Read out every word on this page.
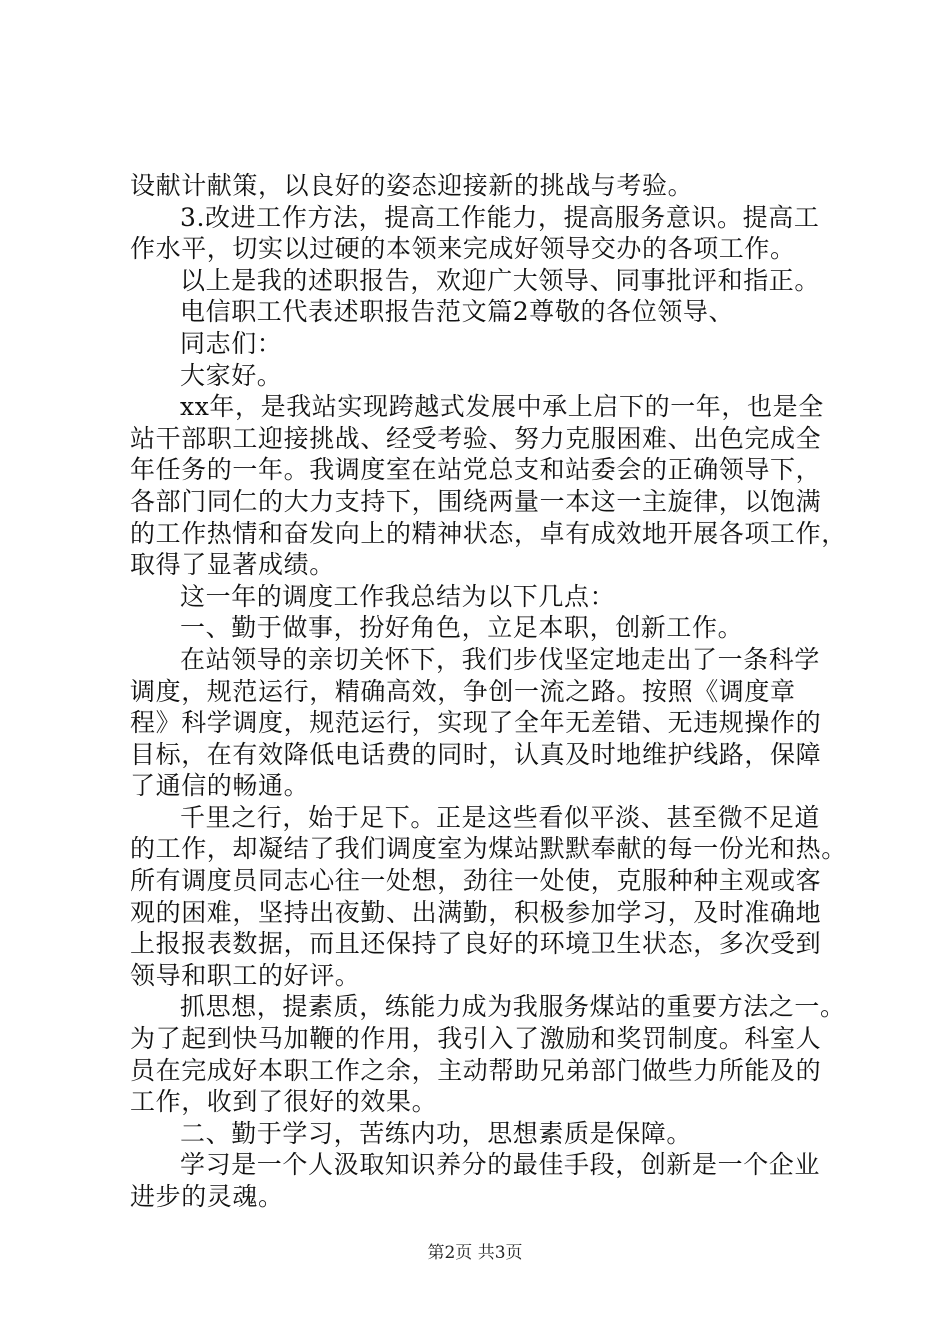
设献计献策，以良好的姿态迎接新的挑战与考验。
3.改进工作方法，提高工作能力，提高服务意识。提高工
作水平，切实以过硬的本领来完成好领导交办的各项工作。
以上是我的述职报告，欢迎广大领导、同事批评和指正。
电信职工代表述职报告范文篇2尊敬的各位领导、
同志们：
大家好。
xx年，是我站实现跨越式发展中承上启下的一年，也是全
站干部职工迎接挑战、经受考验、努力克服困难、出色完成全
年任务的一年。我调度室在站党总支和站委会的正确领导下，
各部门同仁的大力支持下，围绕两量一本这一主旋律，以饱满
的工作热情和奋发向上的精神状态，卓有成效地开展各项工作，
取得了显著成绩。
这一年的调度工作我总结为以下几点：
一、勤于做事，扮好角色，立足本职，创新工作。
在站领导的亲切关怀下，我们步伐坚定地走出了一条科学
调度，规范运行，精确高效，争创一流之路。按照《调度章
程》科学调度，规范运行，实现了全年无差错、无违规操作的
目标，在有效降低电话费的同时，认真及时地维护线路，保障
了通信的畅通。
千里之行，始于足下。正是这些看似平淡、甚至微不足道
的工作，却凝结了我们调度室为煤站默默奉献的每一份光和热。
所有调度员同志心往一处想，劲往一处使，克服种种主观或客
观的困难，坚持出夜勤、出满勤，积极参加学习，及时准确地
上报报表数据，而且还保持了良好的环境卫生状态，多次受到
领导和职工的好评。
抓思想，提素质，练能力成为我服务煤站的重要方法之一。
为了起到快马加鞭的作用，我引入了激励和奖罚制度。科室人
员在完成好本职工作之余，主动帮助兄弟部门做些力所能及的
工作，收到了很好的效果。
二、勤于学习，苦练内功，思想素质是保障。
学习是一个人汲取知识养分的最佳手段，创新是一个企业
进步的灵魂。
第2页 共3页
